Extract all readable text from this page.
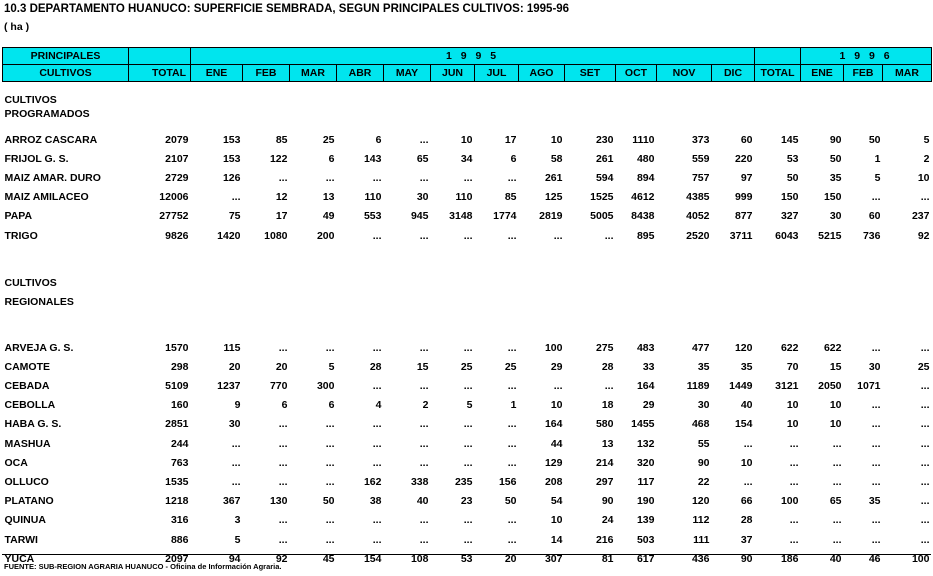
10.3 DEPARTAMENTO HUANUCO: SUPERFICIE SEMBRADA, SEGUN PRINCIPALES CULTIVOS: 1995-96
( ha )
PRINCIPALES		1 9 9 5													1 9 9 6		
CULTIVOS	TOTAL	ENE	FEB	MAR	ABR	MAY	JUN	JUL	AGO	SET	OCT	NOV	DIC	TOTAL	ENE	FEB	MAR

CULTIVOS
PROGRAMADOS																	

ARROZ CASCARA	2079	153	85	25	6	...	10	17	10	230	1110	373	60	145	90	50	5
FRIJOL G. S.	2107	153	122	6	143	65	34	6	58	261	480	559	220	53	50	1	2
MAIZ AMAR. DURO	2729	126	...	...	...	...	...	...	261	594	894	757	97	50	35	5	10
MAIZ AMILACEO	12006	...	12	13	110	30	110	85	125	1525	4612	4385	999	150	150	...	...
PAPA	27752	75	17	49	553	945	3148	1774	2819	5005	8438	4052	877	327	30	60	237
TRIGO	9826	1420	1080	200	...	...	...	...	...	...	895	2520	3711	6043	5215	736	92

CULTIVOS
REGIONALES																	

ARVEJA G. S.	1570	115	...	...	...	...	...	...	100	275	483	477	120	622	622	...	...
CAMOTE	298	20	20	5	28	15	25	25	29	28	33	35	35	70	15	30	25
CEBADA	5109	1237	770	300	...	...	...	...	...	...	164	1189	1449	3121	2050	1071	...
CEBOLLA	160	9	6	6	4	2	5	1	10	18	29	30	40	10	10	...	...
HABA G. S.	2851	30	...	...	...	...	...	...	164	580	1455	468	154	10	10	...	...
MASHUA	244	...	...	...	...	...	...	...	44	13	132	55	...	...	...	...	...
OCA	763	...	...	...	...	...	...	...	129	214	320	90	10	...	...	...	...
OLLUCO	1535	...	...	...	162	338	235	156	208	297	117	22	...	...	...	...	...
PLATANO	1218	367	130	50	38	40	23	50	54	90	190	120	66	100	65	35	...
QUINUA	316	3	...	...	...	...	...	...	10	24	139	112	28	...	...	...	...
TARWI	886	5	...	...	...	...	...	...	14	216	503	111	37	...	...	...	...
YUCA	2097	94	92	45	154	108	53	20	307	81	617	436	90	186	40	46	100
FUENTE: SUB-REGION AGRARIA HUANUCO - Oficina de Información Agraria.
